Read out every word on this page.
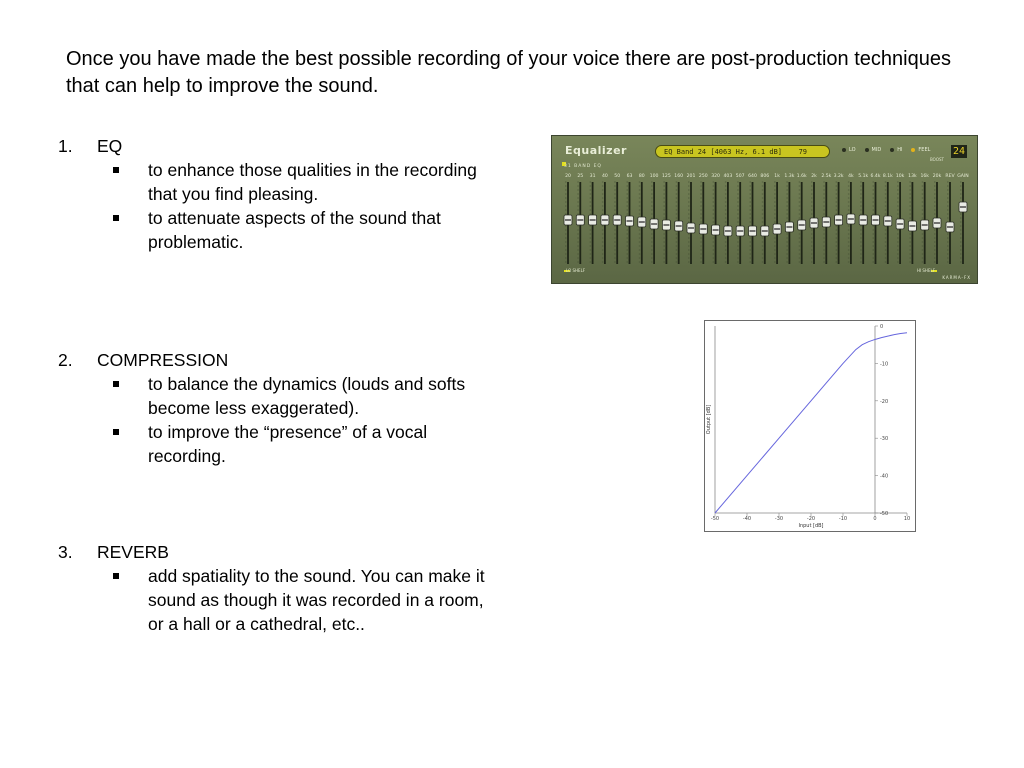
Once you have made the best possible recording of your voice there are post-production techniques that can help to improve the sound.

1.	EQ
to enhance those qualities in the recording that you find pleasing.
to attenuate aspects of the sound that problematic.
2.	COMPRESSION
to balance the dynamics (louds and softs become less exaggerated).
to improve the “presence” of a vocal recording.
3.	REVERB
add spatiality to the sound. You can make it sound as though it was recorded in a room, or a hall or a cathedral, etc..
20 25 31 40 50 63 80 100 125 160 201 250 320 403 507 640 806 1k 1.3k 1.6k 2k 2.5k 3.2k 4k 5.1k 6.4k 8.1k 10k 13k 16k 20k REV GAIN
Equalizer	EQ Band 24 [4063 Hz, 6.1 dB] 79	LO	MID	HI	FEEL
BOOST
24
31 BAND EQ
LO SHELF	HI SHELF
KARMA-FX
-50	-40	-30	-20	-10	0	10
0
-10
-20
-30
-40
-50
Input [dB]
Output [dB]
